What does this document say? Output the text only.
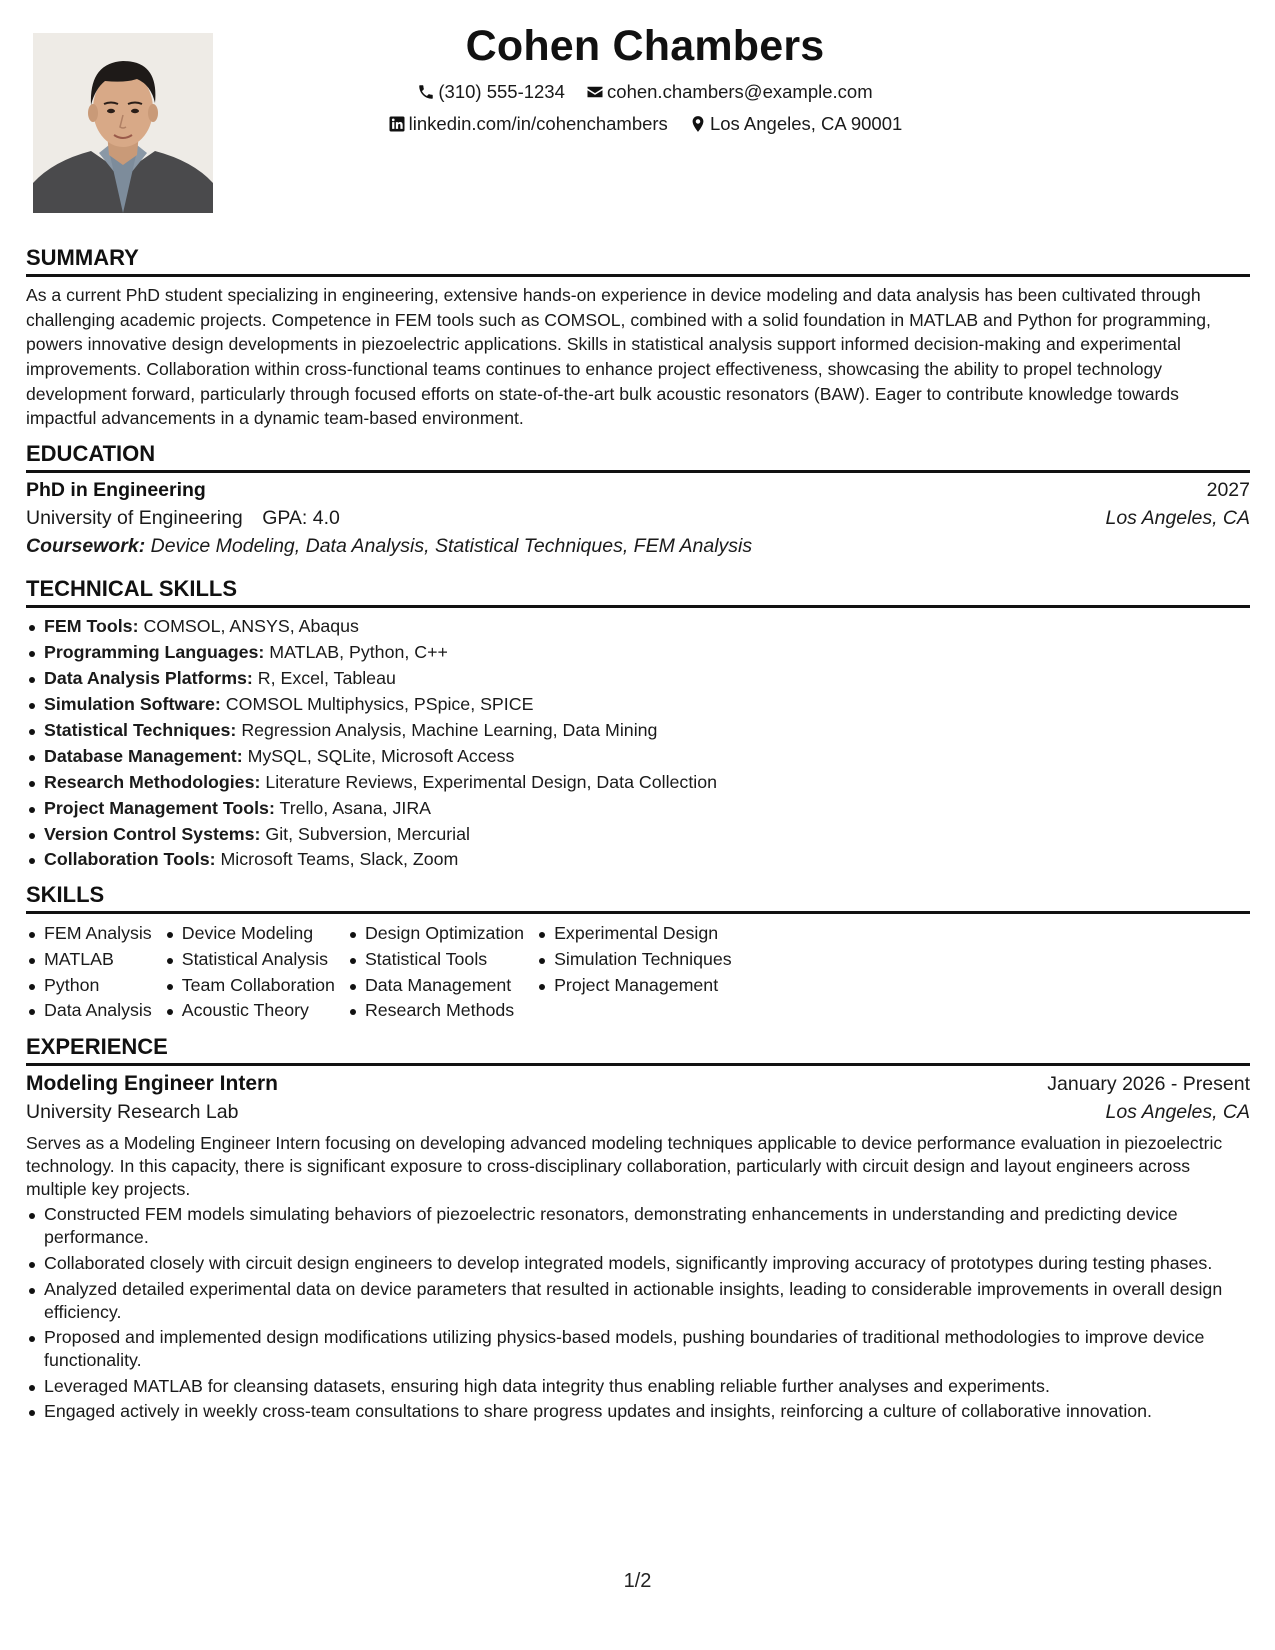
Cohen Chambers
(310) 555-1234
cohen.chambers@example.com
linkedin.com/in/cohenchambers
Los Angeles, CA 90001
SUMMARY

As a current PhD student specializing in engineering, extensive hands-on experience in device modeling and data analysis has been cultivated through challenging academic projects. Competence in FEM tools such as COMSOL, combined with a solid foundation in MATLAB and Python for programming, powers innovative design developments in piezoelectric applications. Skills in statistical analysis support informed decision-making and experimental improvements. Collaboration within cross-functional teams continues to enhance project effectiveness, showcasing the ability to propel technology development forward, particularly through focused efforts on state-of-the-art bulk acoustic resonators (BAW). Eager to contribute knowledge towards impactful advancements in a dynamic team-based environment.

EDUCATION
PhD in Engineering	2027
University of Engineering GPA: 4.0	Los Angeles, CA
Coursework: Device Modeling, Data Analysis, Statistical Techniques, FEM Analysis
TECHNICAL SKILLS
FEM Tools: COMSOL, ANSYS, Abaqus
Programming Languages: MATLAB, Python, C++
Data Analysis Platforms: R, Excel, Tableau
Simulation Software: COMSOL Multiphysics, PSpice, SPICE
Statistical Techniques: Regression Analysis, Machine Learning, Data Mining
Database Management: MySQL, SQLite, Microsoft Access
Research Methodologies: Literature Reviews, Experimental Design, Data Collection
Project Management Tools: Trello, Asana, JIRA
Version Control Systems: Git, Subversion, Mercurial
Collaboration Tools: Microsoft Teams, Slack, Zoom
SKILLS
FEM Analysis
MATLAB
Python
Data Analysis
Device Modeling
Statistical Analysis
Team Collaboration
Acoustic Theory
Design Optimization
Statistical Tools
Data Management
Research Methods
Experimental Design
Simulation Techniques
Project Management
EXPERIENCE
Modeling Engineer Intern	January 2026 - Present
University Research Lab	Los Angeles, CA

Serves as a Modeling Engineer Intern focusing on developing advanced modeling techniques applicable to device performance evaluation in piezoelectric technology. In this capacity, there is significant exposure to cross-disciplinary collaboration, particularly with circuit design and layout engineers across multiple key projects.

Constructed FEM models simulating behaviors of piezoelectric resonators, demonstrating enhancements in understanding and predicting device performance.
Collaborated closely with circuit design engineers to develop integrated models, significantly improving accuracy of prototypes during testing phases.
Analyzed detailed experimental data on device parameters that resulted in actionable insights, leading to considerable improvements in overall design efficiency.
Proposed and implemented design modifications utilizing physics-based models, pushing boundaries of traditional methodologies to improve device functionality.
Leveraged MATLAB for cleansing datasets, ensuring high data integrity thus enabling reliable further analyses and experiments.
Engaged actively in weekly cross-team consultations to share progress updates and insights, reinforcing a culture of collaborative innovation.
1/2
